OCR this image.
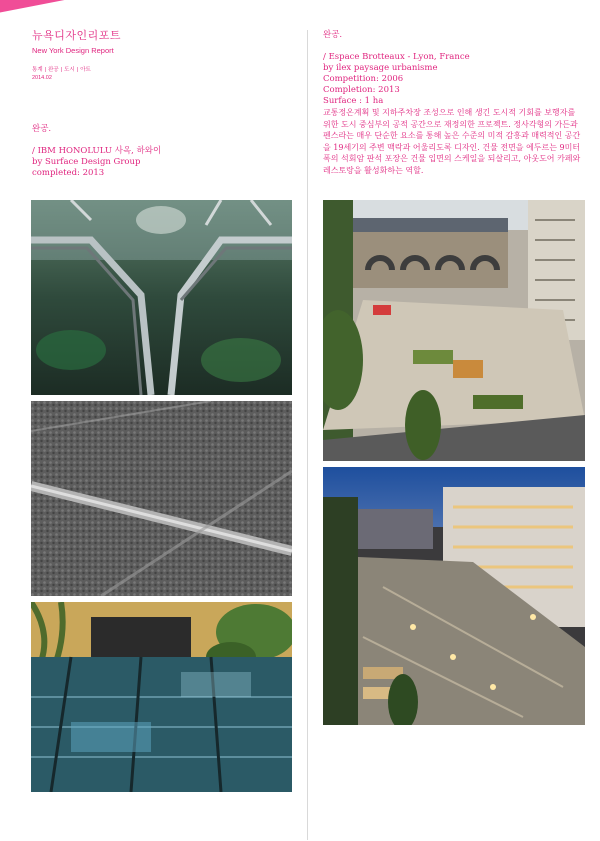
뉴욕디자인리포트
New York Design Report
통계 | 완공 | 도시 | 아트
2014.02
완공.
/ IBM HONOLULU 사옥, 하와이
by Surface Design Group
completed: 2013
완공.
/ Espace Brotteaux - Lyon, France
by ilex paysage urbanisme
Competition: 2006
Completion: 2013
Surface : 1 ha
교통정온계획 및 지하주차장 조성으로 인해 생긴 도시적 기회를 보행자를 위한 도시 중심부의 공적 공간으로 재정의한 프로젝트. 정사각형의 가든과 펜스라는 매우 단순한 요소를 통해 높은 수준의 미적 감흥과 매력적인 공간을 19세기의 주변 맥락과 어울리도록 디자인. 건물 전면을 에두르는 9미터 폭의 석회암 판석 포장은 건물 입면의 스케일을 되살리고, 아웃도어 카페와 레스토랑을 활성화하는 역할.
